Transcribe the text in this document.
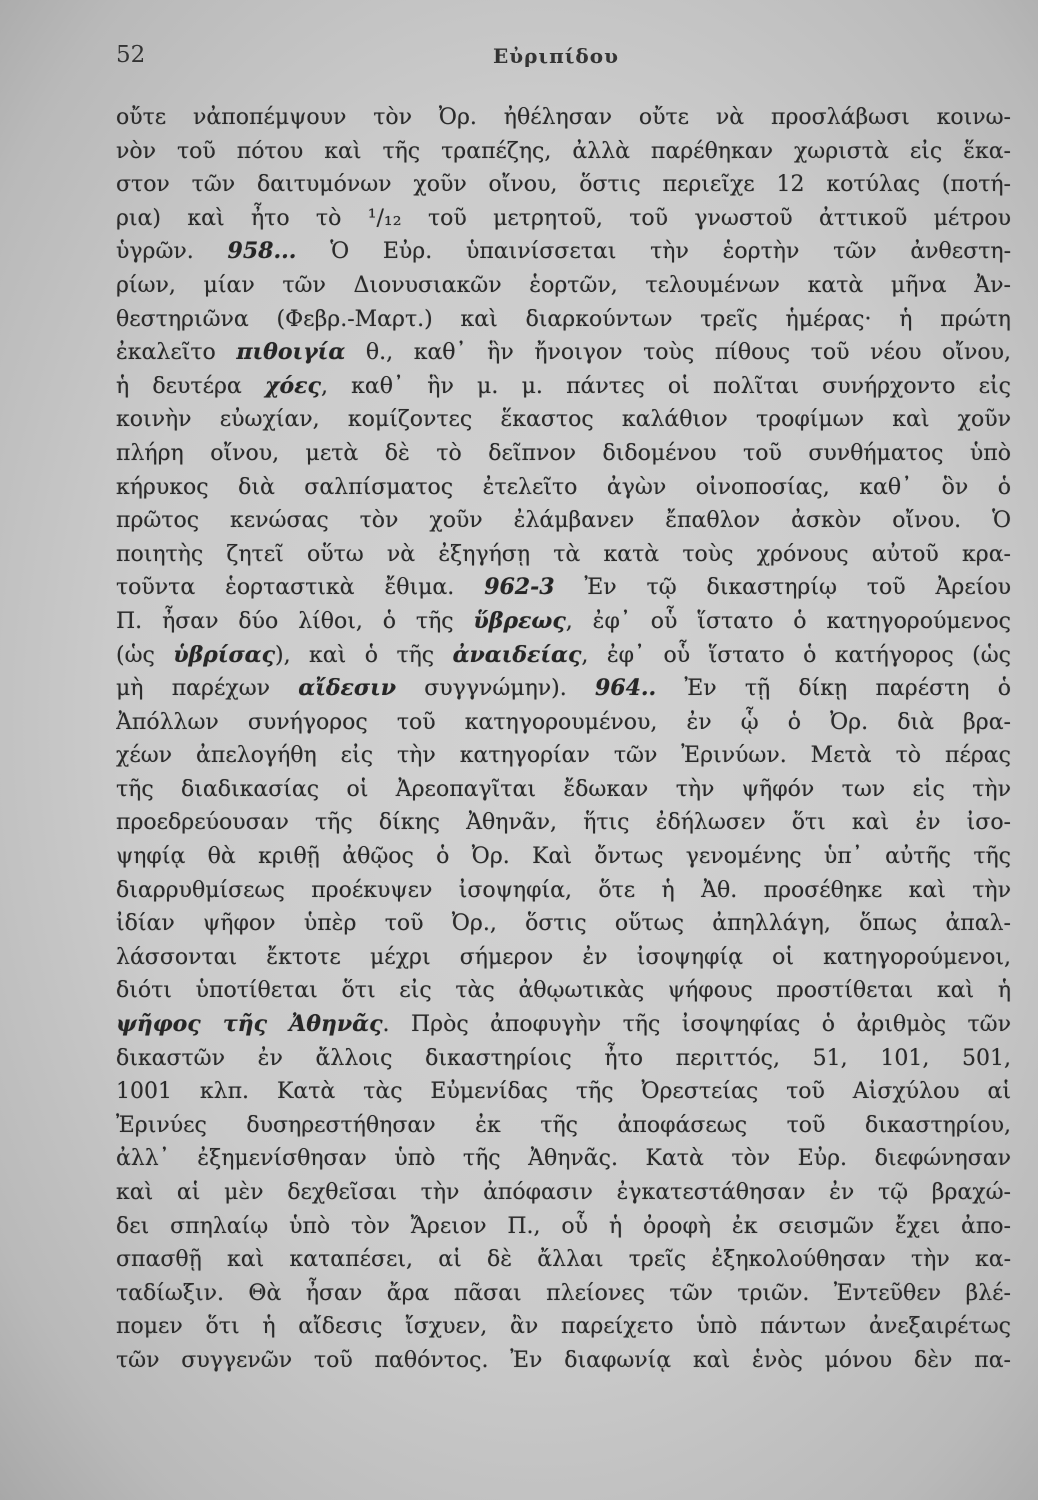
52	Εὐριπίδου
οὔτε νἀποπέμψουν τὸν Ὀρ. ἠθέλησαν οὔτε νὰ προσλάβωσι κοινω-
νὸν τοῦ πότου καὶ τῆς τραπέζης, ἀλλὰ παρέθηκαν χωριστὰ εἰς ἕκα-
στον τῶν δαιτυμόνων χοῦν οἴνου, ὅστις περιεῖχε 12 κοτύλας (ποτή-
ρια) καὶ ἦτο τὸ ¹/₁₂ τοῦ μετρητοῦ, τοῦ γνωστοῦ ἀττικοῦ μέτρου
ὑγρῶν. 958... Ὁ Εὐρ. ὑπαινίσσεται τὴν ἑορτὴν τῶν ἀνθεστη-
ρίων, μίαν τῶν Διονυσιακῶν ἑορτῶν, τελουμένων κατὰ μῆνα Ἀν-
θεστηριῶνα (Φεβρ.-Μαρτ.) καὶ διαρκούντων τρεῖς ἡμέρας· ἡ πρώτη
ἐκαλεῖτο πιθοιγία θ., καθ᾿ ἣν ἤνοιγον τοὺς πίθους τοῦ νέου οἴνου,
ἡ δευτέρα χόες, καθ᾿ ἣν μ. μ. πάντες οἱ πολῖται συνήρχοντο εἰς
κοινὴν εὐωχίαν, κομίζοντες ἕκαστος καλάθιον τροφίμων καὶ χοῦν
πλήρη οἴνου, μετὰ δὲ τὸ δεῖπνον διδομένου τοῦ συνθήματος ὑπὸ
κήρυκος διὰ σαλπίσματος ἐτελεῖτο ἀγὼν οἰνοποσίας, καθ᾿ ὃν ὁ
πρῶτος κενώσας τὸν χοῦν ἐλάμβανεν ἔπαθλον ἀσκὸν οἴνου. Ὁ
ποιητὴς ζητεῖ οὕτω νὰ ἐξηγήσῃ τὰ κατὰ τοὺς χρόνους αὐτοῦ κρα-
τοῦντα ἑορταστικὰ ἔθιμα. 962-3 Ἐν τῷ δικαστηρίῳ τοῦ Ἀρείου
Π. ἦσαν δύο λίθοι, ὁ τῆς ὕβρεως, ἐφ᾿ οὗ ἵστατο ὁ κατηγορούμενος
(ὡς ὑβρίσας), καὶ ὁ τῆς ἀναιδείας, ἐφ᾿ οὗ ἵστατο ὁ κατήγορος (ὡς
μὴ παρέχων αἴδεσιν συγγνώμην). 964.. Ἐν τῇ δίκῃ παρέστη ὁ
Ἀπόλλων συνήγορος τοῦ κατηγορουμένου, ἐν ᾧ ὁ Ὀρ. διὰ βρα-
χέων ἀπελογήθη εἰς τὴν κατηγορίαν τῶν Ἐρινύων. Μετὰ τὸ πέρας
τῆς διαδικασίας οἱ Ἀρεοπαγῖται ἔδωκαν τὴν ψῆφόν των εἰς τὴν
προεδρεύουσαν τῆς δίκης Ἀθηνᾶν, ἥτις ἐδήλωσεν ὅτι καὶ ἐν ἰσο-
ψηφίᾳ θὰ κριθῇ ἀθῷος ὁ Ὀρ. Καὶ ὄντως γενομένης ὑπ᾿ αὐτῆς τῆς
διαρρυθμίσεως προέκυψεν ἰσοψηφία, ὅτε ἡ Ἀθ. προσέθηκε καὶ τὴν
ἰδίαν ψῆφον ὑπὲρ τοῦ Ὀρ., ὅστις οὕτως ἀπηλλάγη, ὅπως ἀπαλ-
λάσσονται ἔκτοτε μέχρι σήμερον ἐν ἰσοψηφίᾳ οἱ κατηγορούμενοι,
διότι ὑποτίθεται ὅτι εἰς τὰς ἀθῳωτικὰς ψήφους προστίθεται καὶ ἡ
ψῆφος τῆς Ἀθηνᾶς. Πρὸς ἀποφυγὴν τῆς ἰσοψηφίας ὁ ἀριθμὸς τῶν
δικαστῶν ἐν ἄλλοις δικαστηρίοις ἦτο περιττός, 51, 101, 501,
1001 κλπ. Κατὰ τὰς Εὐμενίδας τῆς Ὀρεστείας τοῦ Αἰσχύλου αἱ
Ἐρινύες δυσηρεστήθησαν ἐκ τῆς ἀποφάσεως τοῦ δικαστηρίου,
ἀλλ᾿ ἐξημενίσθησαν ὑπὸ τῆς Ἀθηνᾶς. Κατὰ τὸν Εὐρ. διεφώνησαν
καὶ αἱ μὲν δεχθεῖσαι τὴν ἀπόφασιν ἐγκατεστάθησαν ἐν τῷ βραχώ-
δει σπηλαίῳ ὑπὸ τὸν Ἄρειον Π., οὗ ἡ ὀροφὴ ἐκ σεισμῶν ἔχει ἀπο-
σπασθῇ καὶ καταπέσει, αἱ δὲ ἄλλαι τρεῖς ἐξηκολούθησαν τὴν κα-
ταδίωξιν. Θὰ ἦσαν ἄρα πᾶσαι πλείονες τῶν τριῶν. Ἐντεῦθεν βλέ-
πομεν ὅτι ἡ αἴδεσις ἴσχυεν, ἂν παρείχετο ὑπὸ πάντων ἀνεξαιρέτως
τῶν συγγενῶν τοῦ παθόντος. Ἐν διαφωνίᾳ καὶ ἑνὸς μόνου δὲν πα-
